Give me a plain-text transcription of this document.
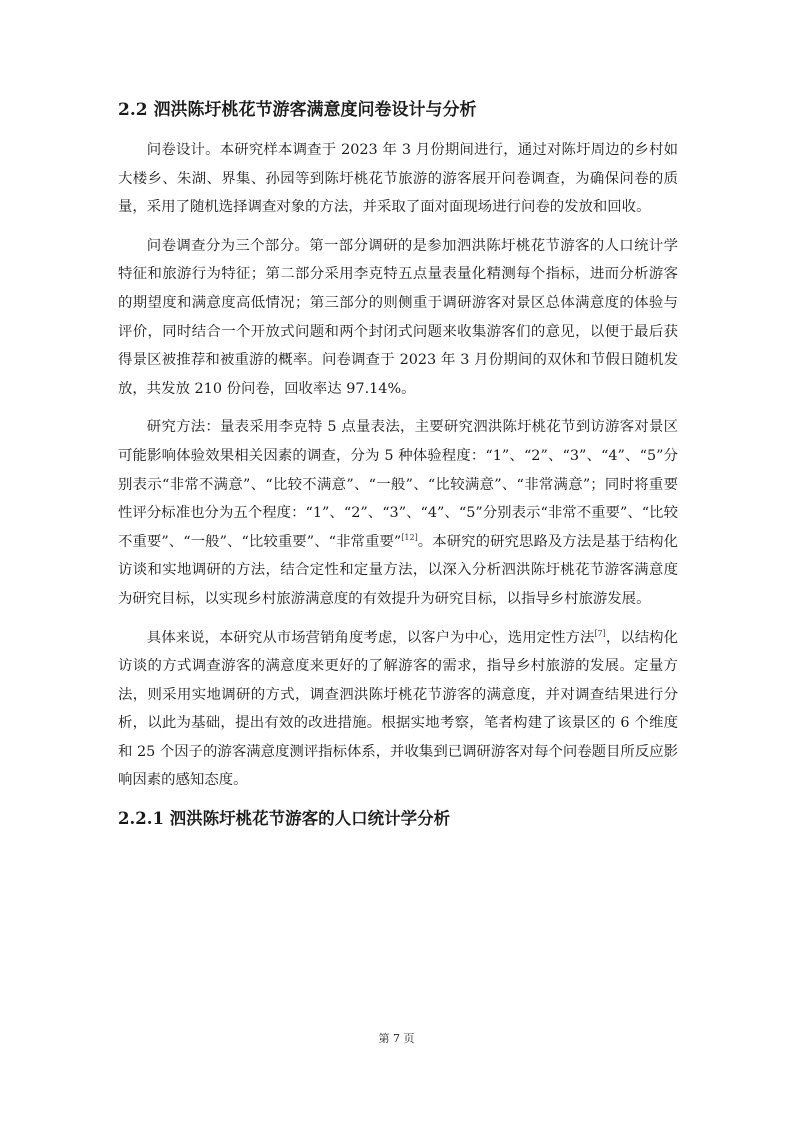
2.2 泗洪陈圩桃花节游客满意度问卷设计与分析

问卷设计。本研究样本调查于 2023 年 3 月份期间进行，通过对陈圩周边的乡村如大楼乡、朱湖、界集、孙园等到陈圩桃花节旅游的游客展开问卷调查，为确保问卷的质量，采用了随机选择调查对象的方法，并采取了面对面现场进行问卷的发放和回收。

问卷调查分为三个部分。第一部分调研的是参加泗洪陈圩桃花节游客的人口统计学特征和旅游行为特征；第二部分采用李克特五点量表量化精测每个指标，进而分析游客的期望度和满意度高低情况；第三部分的则侧重于调研游客对景区总体满意度的体验与评价，同时结合一个开放式问题和两个封闭式问题来收集游客们的意见，以便于最后获得景区被推荐和被重游的概率。问卷调查于 2023 年 3 月份期间的双休和节假日随机发放，共发放 210 份问卷，回收率达 97.14%。

研究方法：量表采用李克特 5 点量表法，主要研究泗洪陈圩桃花节到访游客对景区可能影响体验效果相关因素的调查，分为 5 种体验程度：“1”、“2”、“3”、“4”、“5”分别表示“非常不满意”、“比较不满意”、“一般”、“比较满意”、“非常满意”；同时将重要性评分标准也分为五个程度：“1”、“2”、“3”、“4”、“5”分别表示“非常不重要”、“比较不重要”、“一般”、“比较重要”、“非常重要”[12]。本研究的研究思路及方法是基于结构化访谈和实地调研的方法，结合定性和定量方法，以深入分析泗洪陈圩桃花节游客满意度为研究目标，以实现乡村旅游满意度的有效提升为研究目标，以指导乡村旅游发展。

具体来说，本研究从市场营销角度考虑，以客户为中心，选用定性方法[7]，以结构化访谈的方式调查游客的满意度来更好的了解游客的需求，指导乡村旅游的发展。定量方法，则采用实地调研的方式，调查泗洪陈圩桃花节游客的满意度，并对调查结果进行分析，以此为基础，提出有效的改进措施。根据实地考察，笔者构建了该景区的 6 个维度和 25 个因子的游客满意度测评指标体系，并收集到已调研游客对每个问卷题目所反应影响因素的感知态度。

2.2.1 泗洪陈圩桃花节游客的人口统计学分析
第 7 页
